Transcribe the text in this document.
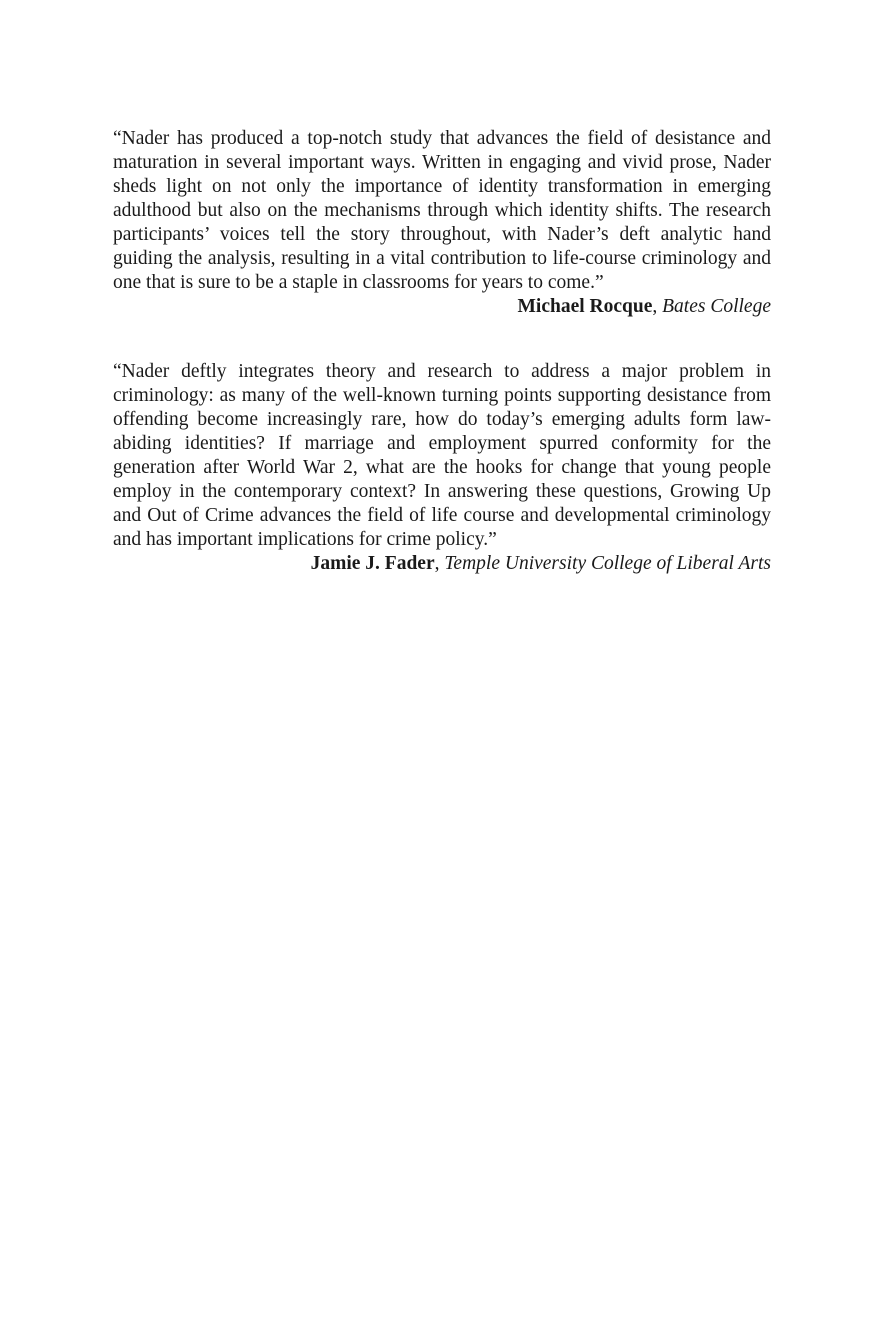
“Nader has produced a top-notch study that advances the field of desistance and maturation in several important ways. Written in engaging and vivid prose, Nader sheds light on not only the importance of identity transformation in emerging adulthood but also on the mechanisms through which identity shifts. The research participants’ voices tell the story throughout, with Nader’s deft analytic hand guiding the analysis, resulting in a vital contribution to life-course criminology and one that is sure to be a staple in classrooms for years to come.”

Michael Rocque, Bates College

“Nader deftly integrates theory and research to address a major problem in criminology: as many of the well-known turning points supporting desistance from offending become increasingly rare, how do today’s emerging adults form law-abiding identities? If marriage and employment spurred conformity for the generation after World War 2, what are the hooks for change that young people employ in the contemporary context? In answering these questions, Growing Up and Out of Crime advances the field of life course and developmental criminology and has important implications for crime policy.”

Jamie J. Fader, Temple University College of Liberal Arts
